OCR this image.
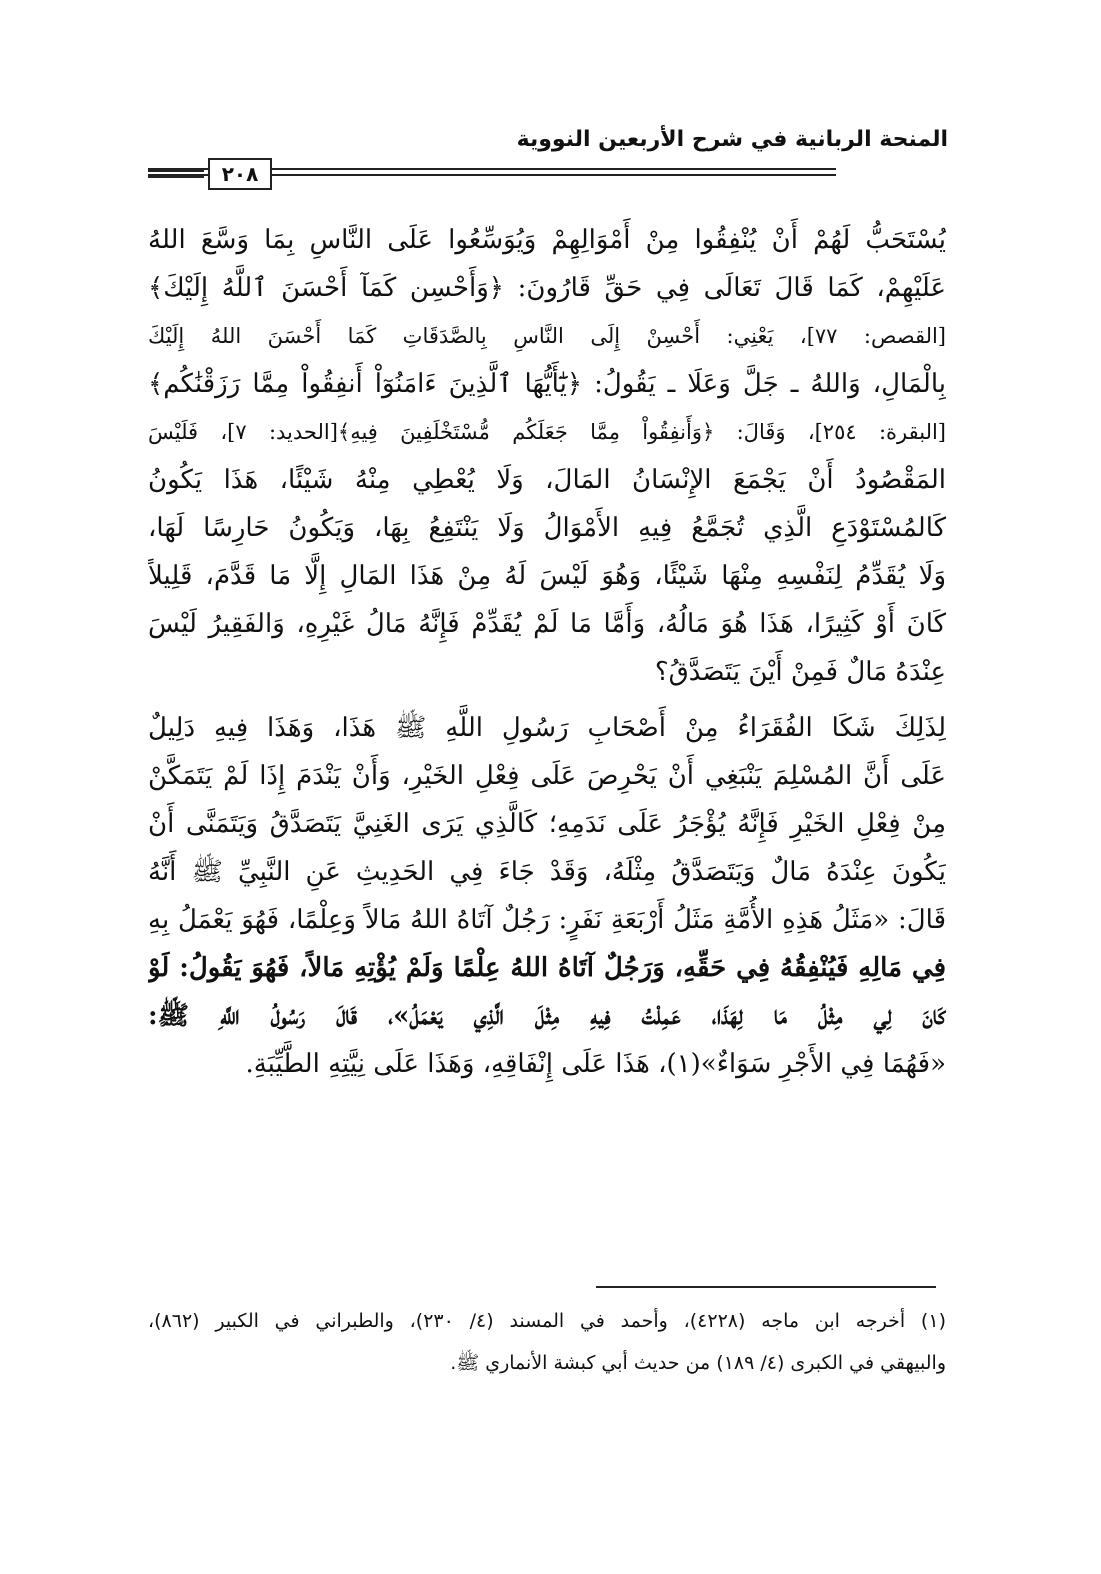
المنحة الربانية في شرح الأربعين النووية
٢٠٨
يُسْتَحَبُّ لَهُمْ أَنْ يُنْفِقُوا مِنْ أَمْوَالِهِمْ وَيُوَسِّعُوا عَلَى النَّاسِ بِمَا وَسَّعَ اللهُ
عَلَيْهِمْ، كَمَا قَالَ تَعَالَى فِي حَقِّ قَارُونَ: ﴿وَأَحْسِن كَمَآ أَحْسَنَ ٱللَّهُ إِلَيْكَ﴾
[القصص: ٧٧]، يَعْنِي: أَحْسِنْ إِلَى النَّاسِ بِالصَّدَقَاتِ كَمَا أَحْسَنَ اللهُ إِلَيْكَ
بِالْمَالِ، وَاللهُ ـ جَلَّ وَعَلَا ـ يَقُولُ: ﴿يَٰٓأَيُّهَا ٱلَّذِينَ ءَامَنُوٓاْ أَنفِقُواْ مِمَّا رَزَقْنَٰكُم﴾
[البقرة: ٢٥٤]، وَقَالَ: ﴿وَأَنفِقُواْ مِمَّا جَعَلَكُم مُّسْتَخْلَفِينَ فِيهِ﴾[الحديد: ٧]، فَلَيْسَ
المَقْصُودُ أَنْ يَجْمَعَ الإِنْسَانُ المَالَ، وَلَا يُعْطِي مِنْهُ شَيْئًا، هَذَا يَكُونُ
كَالمُسْتَوْدَعِ الَّذِي تُجَمَّعُ فِيهِ الأَمْوَالُ وَلَا يَنْتَفِعُ بِهَا، وَيَكُونُ حَارِسًا لَهَا،
وَلَا يُقَدِّمُ لِنَفْسِهِ مِنْهَا شَيْئًا، وَهُوَ لَيْسَ لَهُ مِنْ هَذَا المَالِ إِلَّا مَا قَدَّمَ، قَلِيلاً
كَانَ أَوْ كَثِيرًا، هَذَا هُوَ مَالُهُ، وَأَمَّا مَا لَمْ يُقَدِّمْ فَإِنَّهُ مَالُ غَيْرِهِ، وَالفَقِيرُ لَيْسَ
عِنْدَهُ مَالٌ فَمِنْ أَيْنَ يَتَصَدَّقُ؟
لِذَلِكَ شَكَا الفُقَرَاءُ مِنْ أَصْحَابِ رَسُولِ اللَّهِ ﷺ هَذَا، وَهَذَا فِيهِ دَلِيلٌ
عَلَى أَنَّ المُسْلِمَ يَنْبَغِي أَنْ يَحْرِصَ عَلَى فِعْلِ الخَيْرِ، وَأَنْ يَنْدَمَ إِذَا لَمْ يَتَمَكَّنْ
مِنْ فِعْلِ الخَيْرِ فَإِنَّهُ يُؤْجَرُ عَلَى نَدَمِهِ؛ كَالَّذِي يَرَى الغَنِيَّ يَتَصَدَّقُ وَيَتَمَنَّى أَنْ
يَكُونَ عِنْدَهُ مَالٌ وَيَتَصَدَّقُ مِثْلَهُ، وَقَدْ جَاءَ فِي الحَدِيثِ عَنِ النَّبِيِّ ﷺ أَنَّهُ
قَالَ: «مَثَلُ هَذِهِ الأُمَّةِ مَثَلُ أَرْبَعَةِ نَفَرٍ: رَجُلٌ آتَاهُ اللهُ مَالاً وَعِلْمًا، فَهُوَ يَعْمَلُ بِهِ
فِي مَالِهِ فَيُنْفِقُهُ فِي حَقِّهِ، وَرَجُلٌ آتَاهُ اللهُ عِلْمًا وَلَمْ يُؤْتِهِ مَالاً، فَهُوَ يَقُولُ: لَوْ
كَانَ لِي مِثْلُ مَا لِهَذَا، عَمِلْتُ فِيهِ مِثْلَ الَّذِي يَعْمَلُ»، قَالَ رَسُولُ اللَّهِ ﷺ:
«فَهُمَا فِي الأَجْرِ سَوَاءٌ»(١)، هَذَا عَلَى إِنْفَاقِهِ، وَهَذَا عَلَى نِيَّتِهِ الطَّيِّبَةِ.
(١) أخرجه ابن ماجه (٤٢٢٨)، وأحمد في المسند (٤/ ٢٣٠)، والطبراني في الكبير (٨٦٢)،
والبيهقي في الكبرى (٤/ ١٨٩) من حديث أبي كبشة الأنماري ﷺ.
